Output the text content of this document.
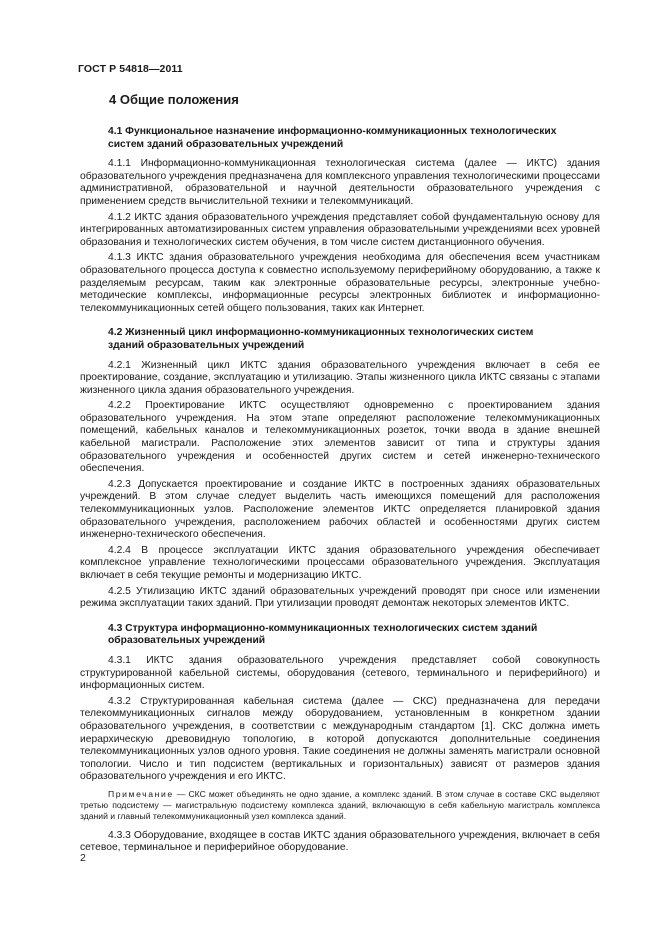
ГОСТ Р 54818—2011
4 Общие положения
4.1 Функциональное назначение информационно-коммуникационных технологических
систем зданий образовательных учреждений

4.1.1 Информационно-коммуникационная технологическая система (далее — ИКТС) здания образовательного учреждения предназначена для комплексного управления технологическими процессами административной, образовательной и научной деятельности образовательного учреждения с применением средств вычислительной техники и телекоммуникаций.

4.1.2 ИКТС здания образовательного учреждения представляет собой фундаментальную основу для интегрированных автоматизированных систем управления образовательными учреждениями всех уровней образования и технологических систем обучения, в том числе систем дистанционного обучения.

4.1.3 ИКТС здания образовательного учреждения необходима для обеспечения всем участникам образовательного процесса доступа к совместно используемому периферийному оборудованию, а также к разделяемым ресурсам, таким как электронные образовательные ресурсы, электронные учебно-методические комплексы, информационные ресурсы электронных библиотек и информационно-телекоммуникационных сетей общего пользования, таких как Интернет.

4.2 Жизненный цикл информационно-коммуникационных технологических систем
зданий образовательных учреждений

4.2.1 Жизненный цикл ИКТС здания образовательного учреждения включает в себя ее проектирование, создание, эксплуатацию и утилизацию. Этапы жизненного цикла ИКТС связаны с этапами жизненного цикла здания образовательного учреждения.

4.2.2 Проектирование ИКТС осуществляют одновременно с проектированием здания образовательного учреждения. На этом этапе определяют расположение телекоммуникационных помещений, кабельных каналов и телекоммуникационных розеток, точки ввода в здание внешней кабельной магистрали. Расположение этих элементов зависит от типа и структуры здания образовательного учреждения и особенностей других систем и сетей инженерно-технического обеспечения.

4.2.3 Допускается проектирование и создание ИКТС в построенных зданиях образовательных учреждений. В этом случае следует выделить часть имеющихся помещений для расположения телекоммуникационных узлов. Расположение элементов ИКТС определяется планировкой здания образовательного учреждения, расположением рабочих областей и особенностями других систем инженерно-технического обеспечения.

4.2.4 В процессе эксплуатации ИКТС здания образовательного учреждения обеспечивает комплексное управление технологическими процессами образовательного учреждения. Эксплуатация включает в себя текущие ремонты и модернизацию ИКТС.

4.2.5 Утилизацию ИКТС зданий образовательных учреждений проводят при сносе или изменении режима эксплуатации таких зданий. При утилизации проводят демонтаж некоторых элементов ИКТС.

4.3 Структура информационно-коммуникационных технологических систем зданий
образовательных учреждений

4.3.1 ИКТС здания образовательного учреждения представляет собой совокупность структурированной кабельной системы, оборудования (сетевого, терминального и периферийного) и информационных систем.

4.3.2 Структурированная кабельная система (далее — СКС) предназначена для передачи телекоммуникационных сигналов между оборудованием, установленным в конкретном здании образовательного учреждения, в соответствии с международным стандартом [1]. СКС должна иметь иерархическую древовидную топологию, в которой допускаются дополнительные соединения телекоммуникационных узлов одного уровня. Такие соединения не должны заменять магистрали основной топологии. Число и тип подсистем (вертикальных и горизонтальных) зависят от размеров здания образовательного учреждения и его ИКТС.

Примечание — СКС может объединять не одно здание, а комплекс зданий. В этом случае в составе СКС выделяют третью подсистему — магистральную подсистему комплекса зданий, включающую в себя кабельную магистраль комплекса зданий и главный телекоммуникационный узел комплекса зданий.

4.3.3 Оборудование, входящее в состав ИКТС здания образовательного учреждения, включает в себя сетевое, терминальное и периферийное оборудование.

2
